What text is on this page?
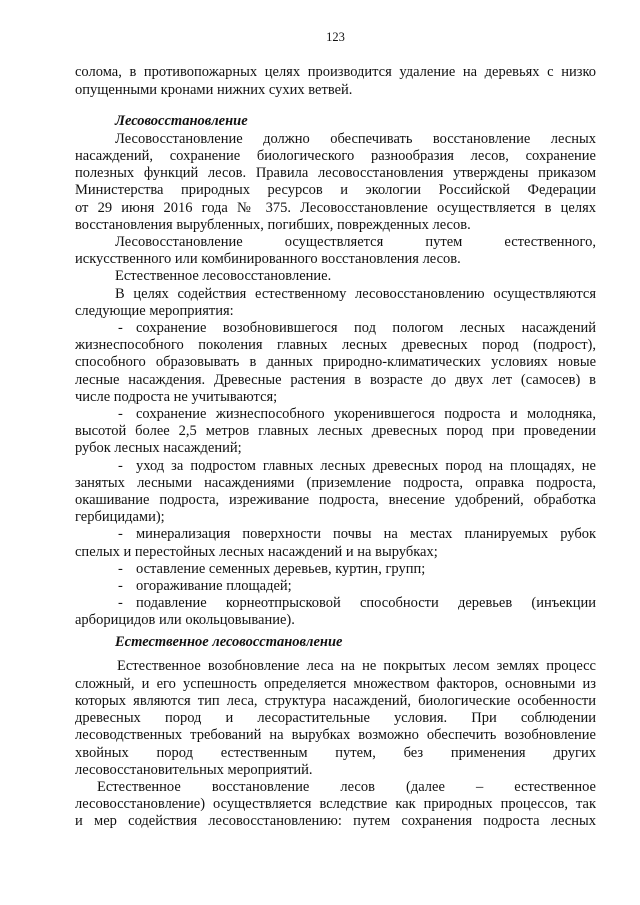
123
солома, в противопожарных целях производится удаление на деревьях с низко
опущенными кронами нижних сухих ветвей.
Лесовосстановление
Лесовосстановление должно обеспечивать восстановление лесных
насаждений, сохранение биологического разнообразия лесов, сохранение
полезных функций лесов. Правила лесовосстановления утверждены приказом
Министерства природных ресурсов и экологии Российской Федерации
от 29 июня 2016 года № 375. Лесовосстановление осуществляется в целях
восстановления вырубленных, погибших, поврежденных лесов.
Лесовосстановление осуществляется путем естественного,
искусственного или комбинированного восстановления лесов.
Естественное лесовосстановление.
В целях содействия естественному лесовосстановлению осуществляются
следующие мероприятия:
- сохранение возобновившегося под пологом лесных насаждений
жизнеспособного поколения главных лесных древесных пород (подрост),
способного образовывать в данных природно-климатических условиях новые
лесные насаждения. Древесные растения в возрасте до двух лет (самосев) в
числе подроста не учитываются;
- сохранение жизнеспособного укоренившегося подроста и молодняка,
высотой более 2,5 метров главных лесных древесных пород при проведении
рубок лесных насаждений;
- уход за подростом главных лесных древесных пород на площадях, не
занятых лесными насаждениями (приземление подроста, оправка подроста,
окашивание подроста, изреживание подроста, внесение удобрений, обработка
гербицидами);
- минерализация поверхности почвы на местах планируемых рубок
спелых и перестойных лесных насаждений и на вырубках;
- оставление семенных деревьев, куртин, групп;
- огораживание площадей;
- подавление корнеотпрысковой способности деревьев (инъекции
арборицидов или окольцовывание).
Естественное лесовосстановление
Естественное возобновление леса на не покрытых лесом землях процесс
сложный, и его успешность определяется множеством факторов, основными из
которых являются тип леса, структура насаждений, биологические особенности
древесных пород и лесорастительные условия. При соблюдении
лесоводственных требований на вырубках возможно обеспечить возобновление
хвойных пород естественным путем, без применения других
лесовосстановительных мероприятий.
Естественное восстановление лесов (далее – естественное
лесовосстановление) осуществляется вследствие как природных процессов, так
и мер содействия лесовосстановлению: путем сохранения подроста лесных
